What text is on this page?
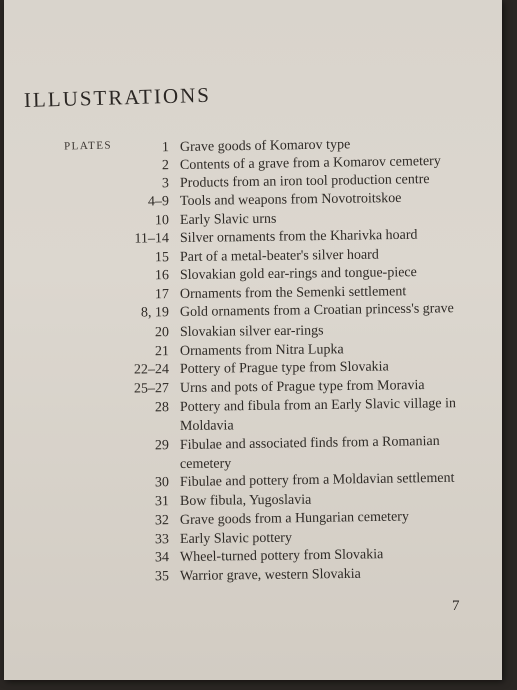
ILLUSTRATIONS
PLATES	1 Grave goods of Komarov type
2 Contents of a grave from a Komarov cemetery
3 Products from an iron tool production centre
4–9 Tools and weapons from Novotroitskoe
10 Early Slavic urns
11–14 Silver ornaments from the Kharivka hoard
15 Part of a metal-beater's silver hoard
16 Slovakian gold ear-rings and tongue-piece
17 Ornaments from the Semenki settlement
8, 19 Gold ornaments from a Croatian princess's grave
20 Slovakian silver ear-rings
21 Ornaments from Nitra Lupka
22–24 Pottery of Prague type from Slovakia
25–27 Urns and pots of Prague type from Moravia
28 Pottery and fibula from an Early Slavic village in
Moldavia
29 Fibulae and associated finds from a Romanian
cemetery
30 Fibulae and pottery from a Moldavian settlement
31 Bow fibula, Yugoslavia
32 Grave goods from a Hungarian cemetery
33 Early Slavic pottery
34 Wheel-turned pottery from Slovakia
35 Warrior grave, western Slovakia
7
